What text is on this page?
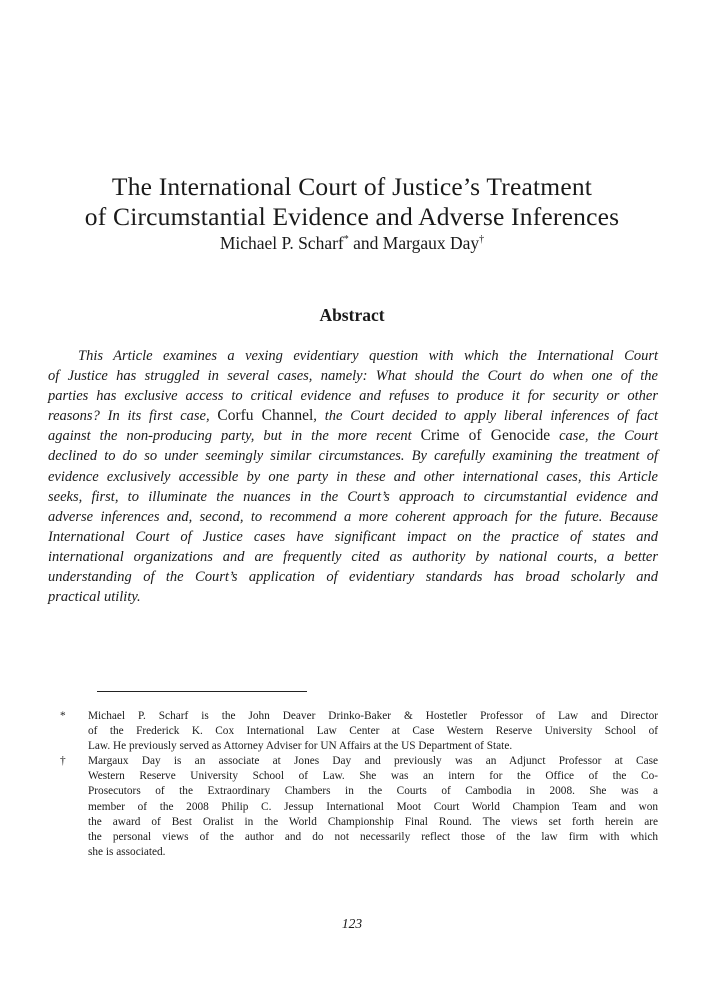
The International Court of Justice’s Treatment
of Circumstantial Evidence and Adverse Inferences
Michael P. Scharf* and Margaux Day†
Abstract
This Article examines a vexing evidentiary question with which the International Court
of Justice has struggled in several cases, namely: What should the Court do when one of the
parties has exclusive access to critical evidence and refuses to produce it for security or other
reasons? In its first case, Corfu Channel, the Court decided to apply liberal inferences of fact
against the non-producing party, but in the more recent Crime of Genocide case, the Court
declined to do so under seemingly similar circumstances. By carefully examining the treatment of
evidence exclusively accessible by one party in these and other international cases, this Article
seeks, first, to illuminate the nuances in the Court’s approach to circumstantial evidence and
adverse inferences and, second, to recommend a more coherent approach for the future. Because
International Court of Justice cases have significant impact on the practice of states and
international organizations and are frequently cited as authority by national courts, a better
understanding of the Court’s application of evidentiary standards has broad scholarly and
practical utility.
* Michael P. Scharf is the John Deaver Drinko-Baker & Hostetler Professor of Law and Director
of the Frederick K. Cox International Law Center at Case Western Reserve University School of
Law. He previously served as Attorney Adviser for UN Affairs at the US Department of State.
† Margaux Day is an associate at Jones Day and previously was an Adjunct Professor at Case
Western Reserve University School of Law. She was an intern for the Office of the Co-
Prosecutors of the Extraordinary Chambers in the Courts of Cambodia in 2008. She was a
member of the 2008 Philip C. Jessup International Moot Court World Champion Team and won
the award of Best Oralist in the World Championship Final Round. The views set forth herein are
the personal views of the author and do not necessarily reflect those of the law firm with which
she is associated.
123
